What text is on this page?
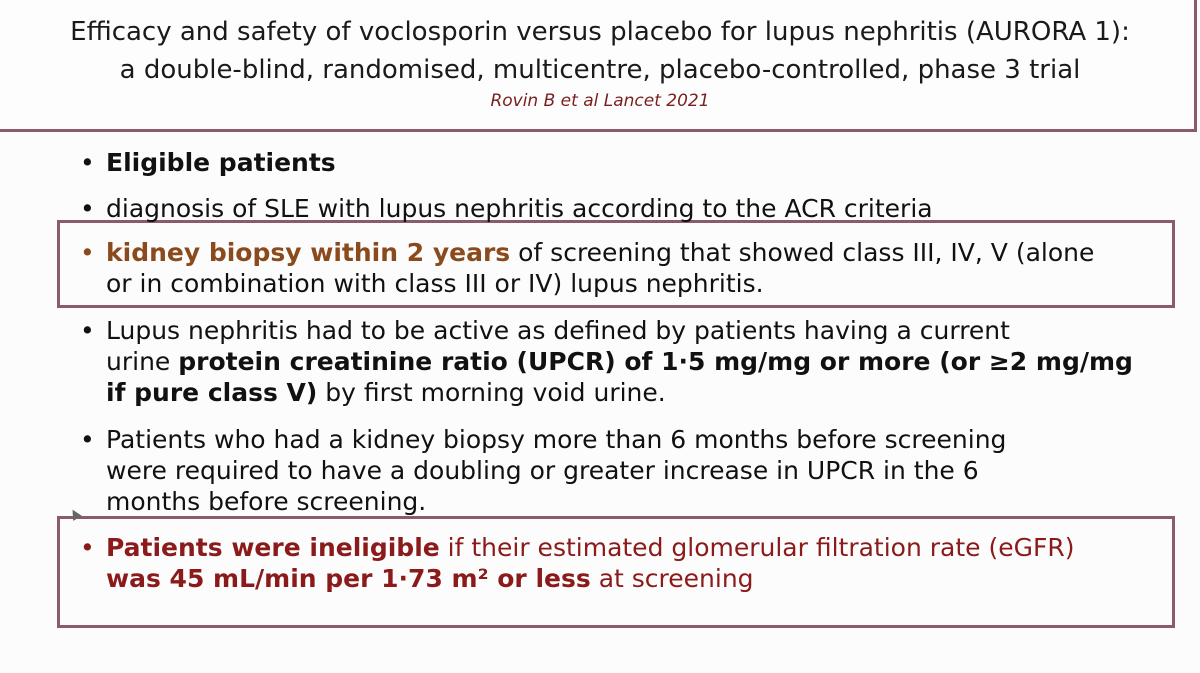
Efficacy and safety of voclosporin versus placebo for lupus nephritis (AURORA 1):
a double-blind, randomised, multicentre, placebo-controlled, phase 3 trial
Rovin B et al Lancet 2021
• Eligible patients
• diagnosis of SLE with lupus nephritis according to the ACR criteria
• kidney biopsy within 2 years of screening that showed class III, IV, V (alone
or in combination with class III or IV) lupus nephritis.
• Lupus nephritis had to be active as defined by patients having a current
urine protein creatinine ratio (UPCR) of 1·5 mg/mg or more (or ≥2 mg/mg
if pure class V) by first morning void urine.
• Patients who had a kidney biopsy more than 6 months before screening
were required to have a doubling or greater increase in UPCR in the 6
months before screening.
• Patients were ineligible if their estimated glomerular filtration rate (eGFR)
was 45 mL/min per 1·73 m² or less at screening
